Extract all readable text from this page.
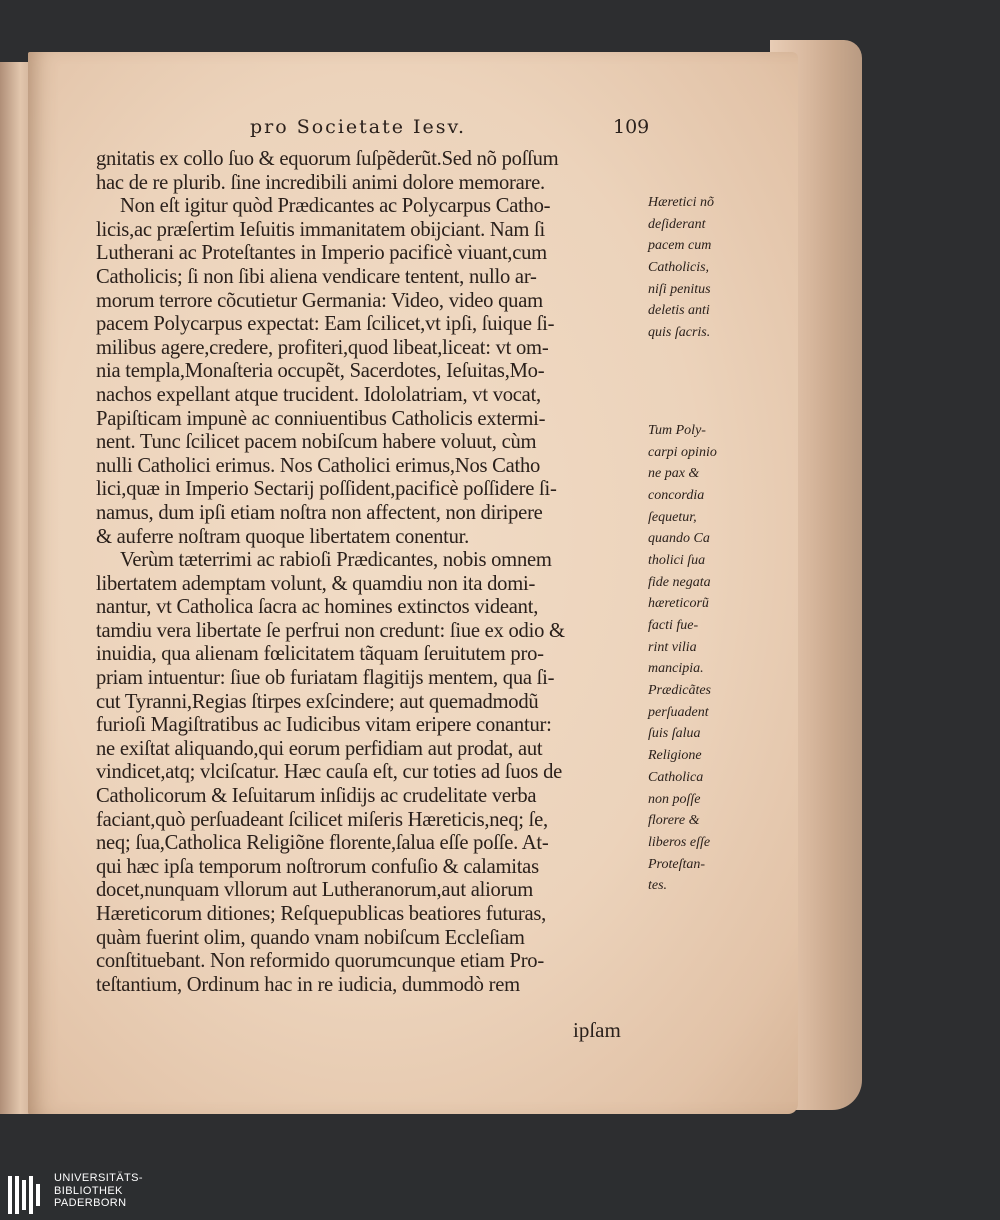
pro Societate Iesv.	109
gnitatis ex collo ſuo & equorum ſuſpẽderũt.Sed nõ poſſum
hac de re plurib. ſine incredibili animi dolore memorare.
Non eſt igitur quòd Prædicantes ac Polycarpus Catho-
licis,ac præſertim Ieſuitis immanitatem obijciant. Nam ſi
Lutherani ac Proteſtantes in Imperio pacificè viuant,cum
Catholicis; ſi non ſibi aliena vendicare tentent, nullo ar-
morum terrore cõcutietur Germania: Video, video quam
pacem Polycarpus expectat: Eam ſcilicet,vt ipſi, ſuique ſi-
milibus agere,credere, profiteri,quod libeat,liceat: vt om-
nia templa,Monaſteria occupẽt, Sacerdotes, Ieſuitas,Mo-
nachos expellant atque trucident. Idololatriam, vt vocat,
Papiſticam impunè ac conniuentibus Catholicis extermi-
nent. Tunc ſcilicet pacem nobiſcum habere voluut, cùm
nulli Catholici erimus. Nos Catholici erimus,Nos Catho
lici,quæ in Imperio Sectarij poſſident,pacificè poſſidere ſi-
namus, dum ipſi etiam noſtra non affectent, non diripere
& auferre noſtram quoque libertatem conentur.
Verùm tæterrimi ac rabioſi Prædicantes, nobis omnem
libertatem ademptam volunt, & quamdiu non ita domi-
nantur, vt Catholica ſacra ac homines extinctos videant,
tamdiu vera libertate ſe perfrui non credunt: ſiue ex odio &
inuidia, qua alienam fœlicitatem tãquam ſeruitutem pro-
priam intuentur: ſiue ob furiatam flagitijs mentem, qua ſi-
cut Tyranni,Regias ſtirpes exſcindere; aut quemadmodũ
furioſi Magiſtratibus ac Iudicibus vitam eripere conantur:
ne exiſtat aliquando,qui eorum perfidiam aut prodat, aut
vindicet,atq; vlciſcatur. Hæc cauſa eſt, cur toties ad ſuos de
Catholicorum & Ieſuitarum inſidijs ac crudelitate verba
faciant,quò perſuadeant ſcilicet miſeris Hæreticis,neq; ſe,
neq; ſua,Catholica Religiõne florente,ſalua eſſe poſſe. At-
qui hæc ipſa temporum noſtrorum confuſio & calamitas
docet,nunquam vllorum aut Lutheranorum,aut aliorum
Hæreticorum ditiones; Reſquepublicas beatiores futuras,
quàm fuerint olim, quando vnam nobiſcum Eccleſiam
conſtituebant. Non reformido quorumcunque etiam Pro-
teſtantium, Ordinum hac in re iudicia, dummodò rem
Hæretici nõ
deſiderant
pacem cum
Catholicis,
niſi penitus
deletis anti
quis ſacris.
Tum Poly-
carpi opinio
ne pax &
concordia
ſequetur,
quando Ca
tholici ſua
fide negata
hæreticorũ
facti fue-
rint vilia
mancipia.
Prædicãtes
perſuadent
ſuis ſalua
Religione
Catholica
non poſſe
florere &
liberos eſſe
Proteſtan-
tes.
ipſam
UNIVERSITÄTS-
BIBLIOTHEK
PADERBORN
